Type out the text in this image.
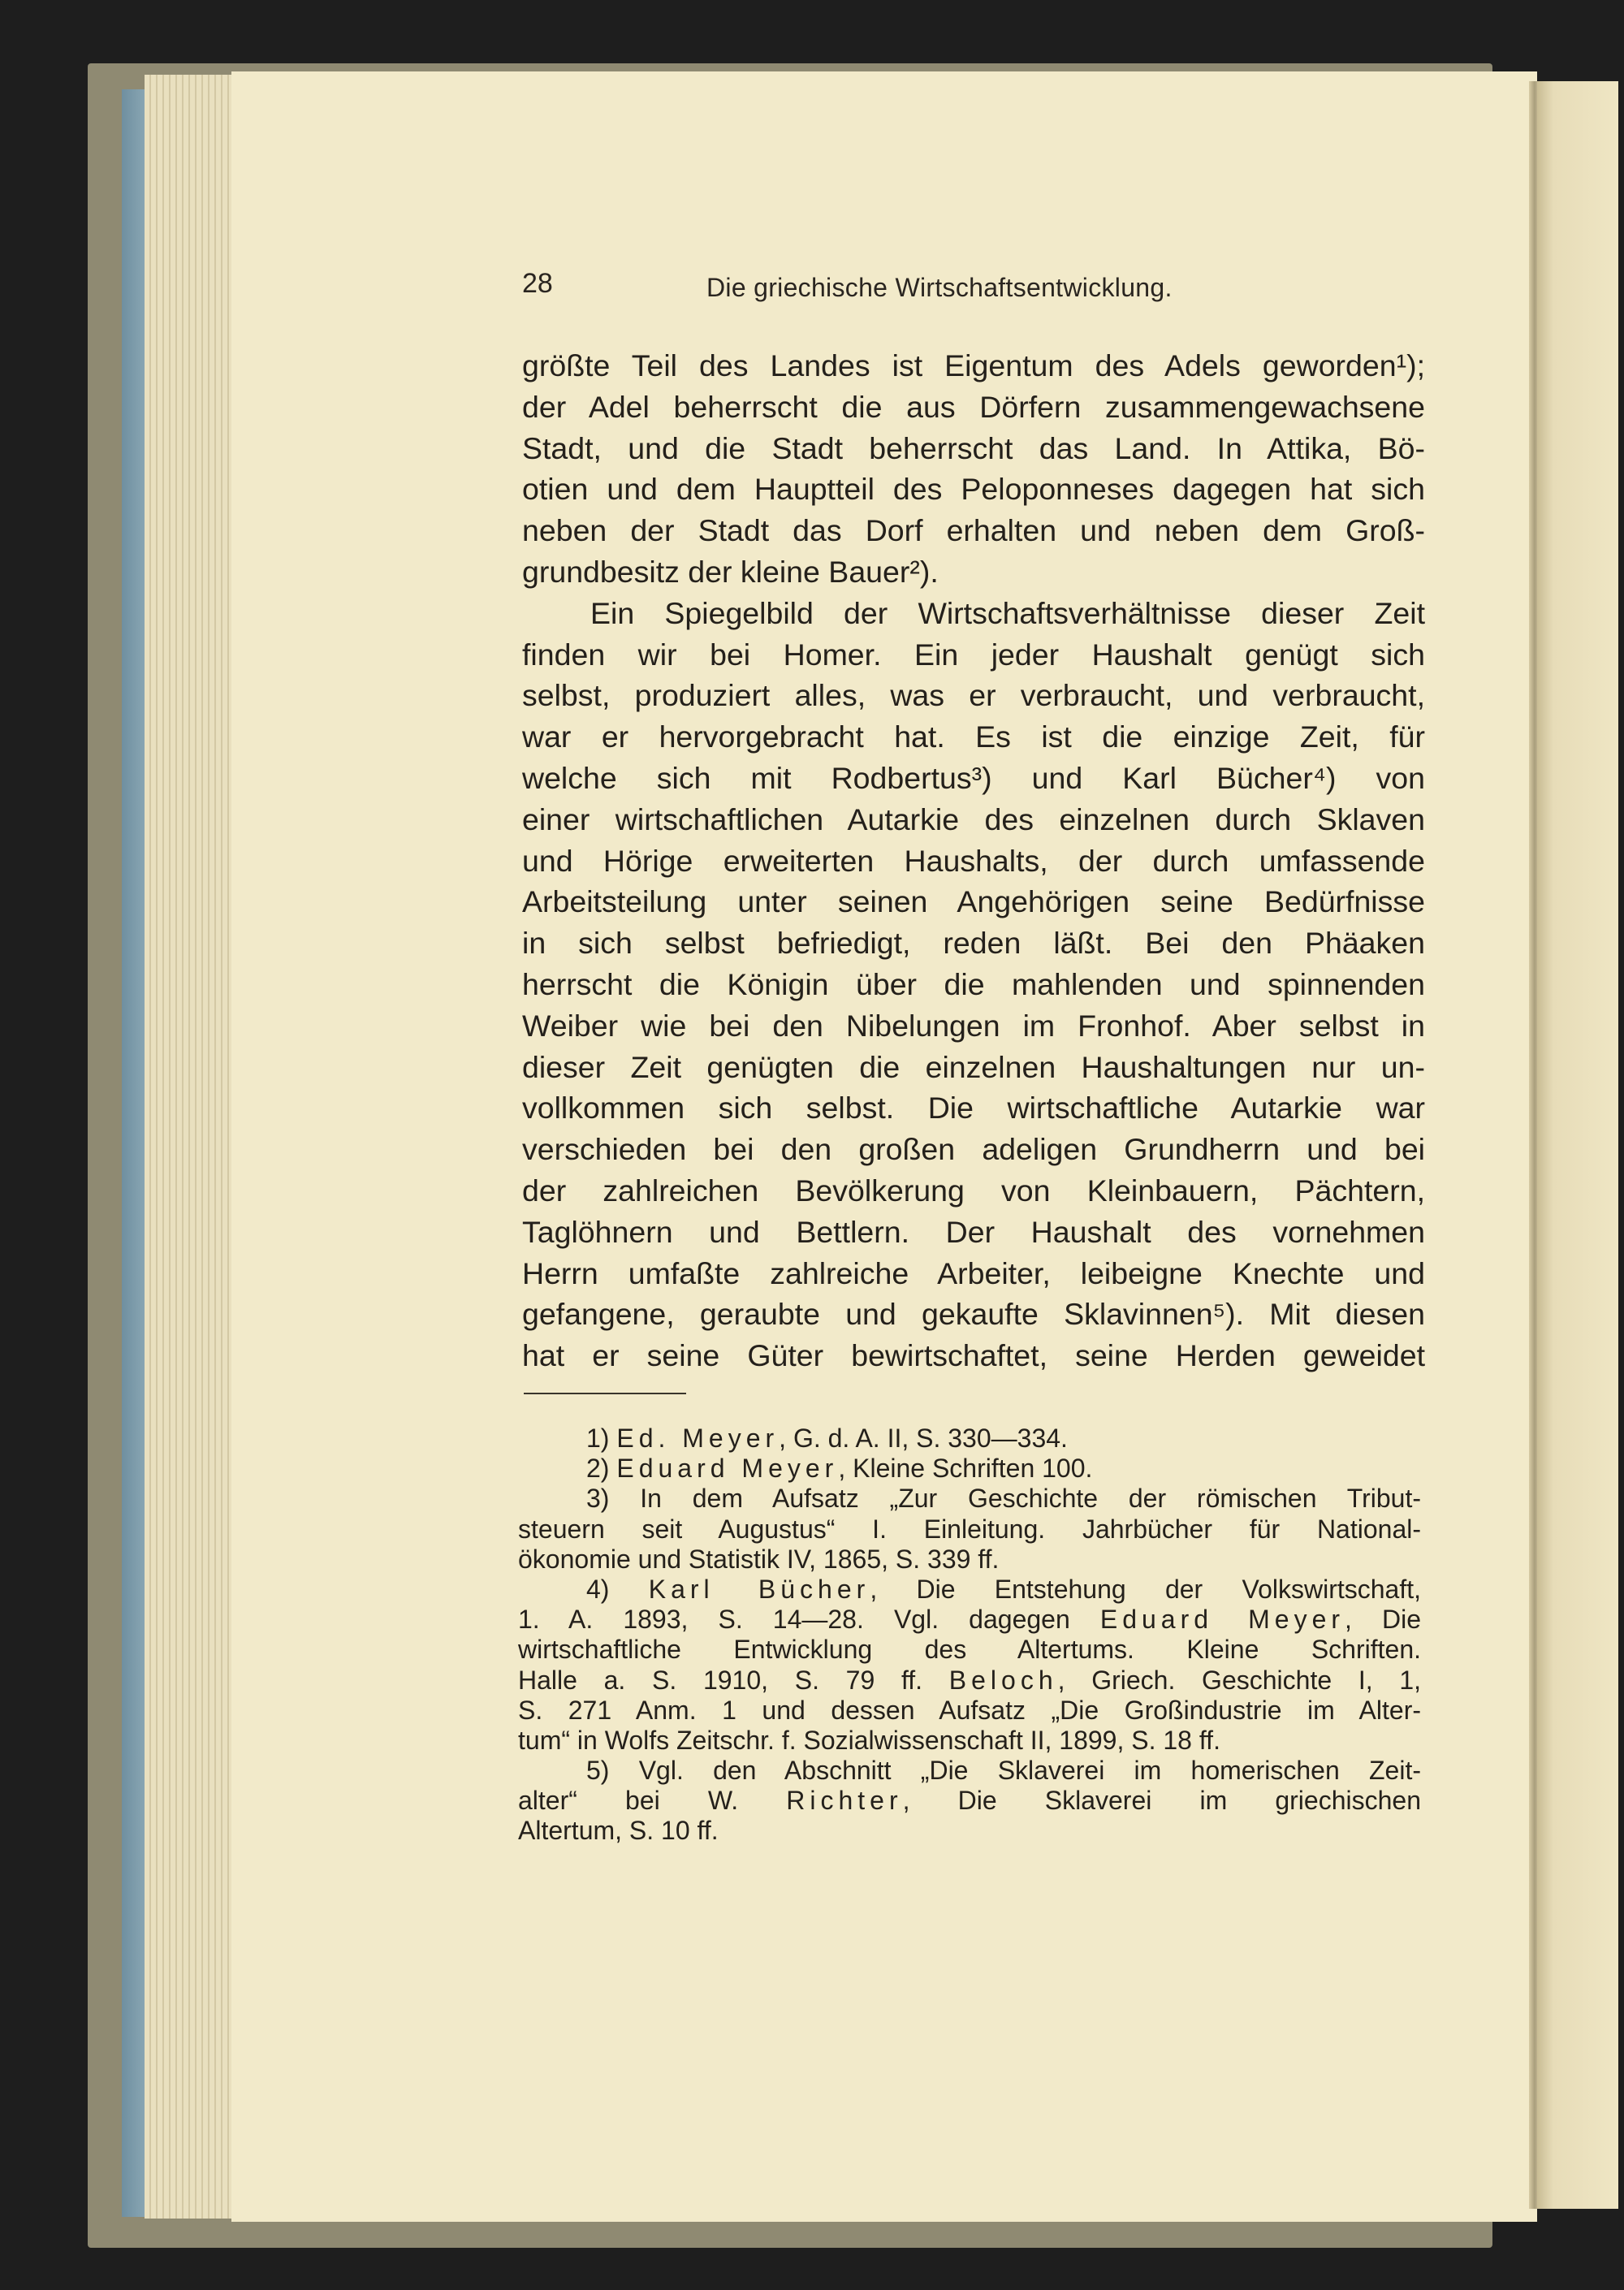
28	Die griechische Wirtschaftsentwicklung.
größte Teil des Landes ist Eigentum des Adels geworden¹);
der Adel beherrscht die aus Dörfern zusammengewachsene
Stadt, und die Stadt beherrscht das Land. In Attika, Bö-
otien und dem Hauptteil des Peloponneses dagegen hat sich
neben der Stadt das Dorf erhalten und neben dem Groß-
grundbesitz der kleine Bauer²).
Ein Spiegelbild der Wirtschaftsverhältnisse dieser Zeit
finden wir bei Homer. Ein jeder Haushalt genügt sich
selbst, produziert alles, was er verbraucht, und verbraucht,
war er hervorgebracht hat. Es ist die einzige Zeit, für
welche sich mit Rodbertus³) und Karl Bücher⁴) von
einer wirtschaftlichen Autarkie des einzelnen durch Sklaven
und Hörige erweiterten Haushalts, der durch umfassende
Arbeitsteilung unter seinen Angehörigen seine Bedürfnisse
in sich selbst befriedigt, reden läßt. Bei den Phäaken
herrscht die Königin über die mahlenden und spinnenden
Weiber wie bei den Nibelungen im Fronhof. Aber selbst in
dieser Zeit genügten die einzelnen Haushaltungen nur un-
vollkommen sich selbst. Die wirtschaftliche Autarkie war
verschieden bei den großen adeligen Grundherrn und bei
der zahlreichen Bevölkerung von Kleinbauern, Pächtern,
Taglöhnern und Bettlern. Der Haushalt des vornehmen
Herrn umfaßte zahlreiche Arbeiter, leibeigne Knechte und
gefangene, geraubte und gekaufte Sklavinnen⁵). Mit diesen
hat er seine Güter bewirtschaftet, seine Herden geweidet
1) Ed. Meyer, G. d. A. II, S. 330—334.
2) Eduard Meyer, Kleine Schriften 100.
3) In dem Aufsatz „Zur Geschichte der römischen Tribut-
steuern seit Augustus“ I. Einleitung. Jahrbücher für National-
ökonomie und Statistik IV, 1865, S. 339 ff.
4) Karl Bücher, Die Entstehung der Volkswirtschaft,
1. A. 1893, S. 14—28. Vgl. dagegen Eduard Meyer, Die
wirtschaftliche Entwicklung des Altertums. Kleine Schriften.
Halle a. S. 1910, S. 79 ff. Beloch, Griech. Geschichte I, 1,
S. 271 Anm. 1 und dessen Aufsatz „Die Großindustrie im Alter-
tum“ in Wolfs Zeitschr. f. Sozialwissenschaft II, 1899, S. 18 ff.
5) Vgl. den Abschnitt „Die Sklaverei im homerischen Zeit-
alter“ bei W. Richter, Die Sklaverei im griechischen
Altertum, S. 10 ff.
